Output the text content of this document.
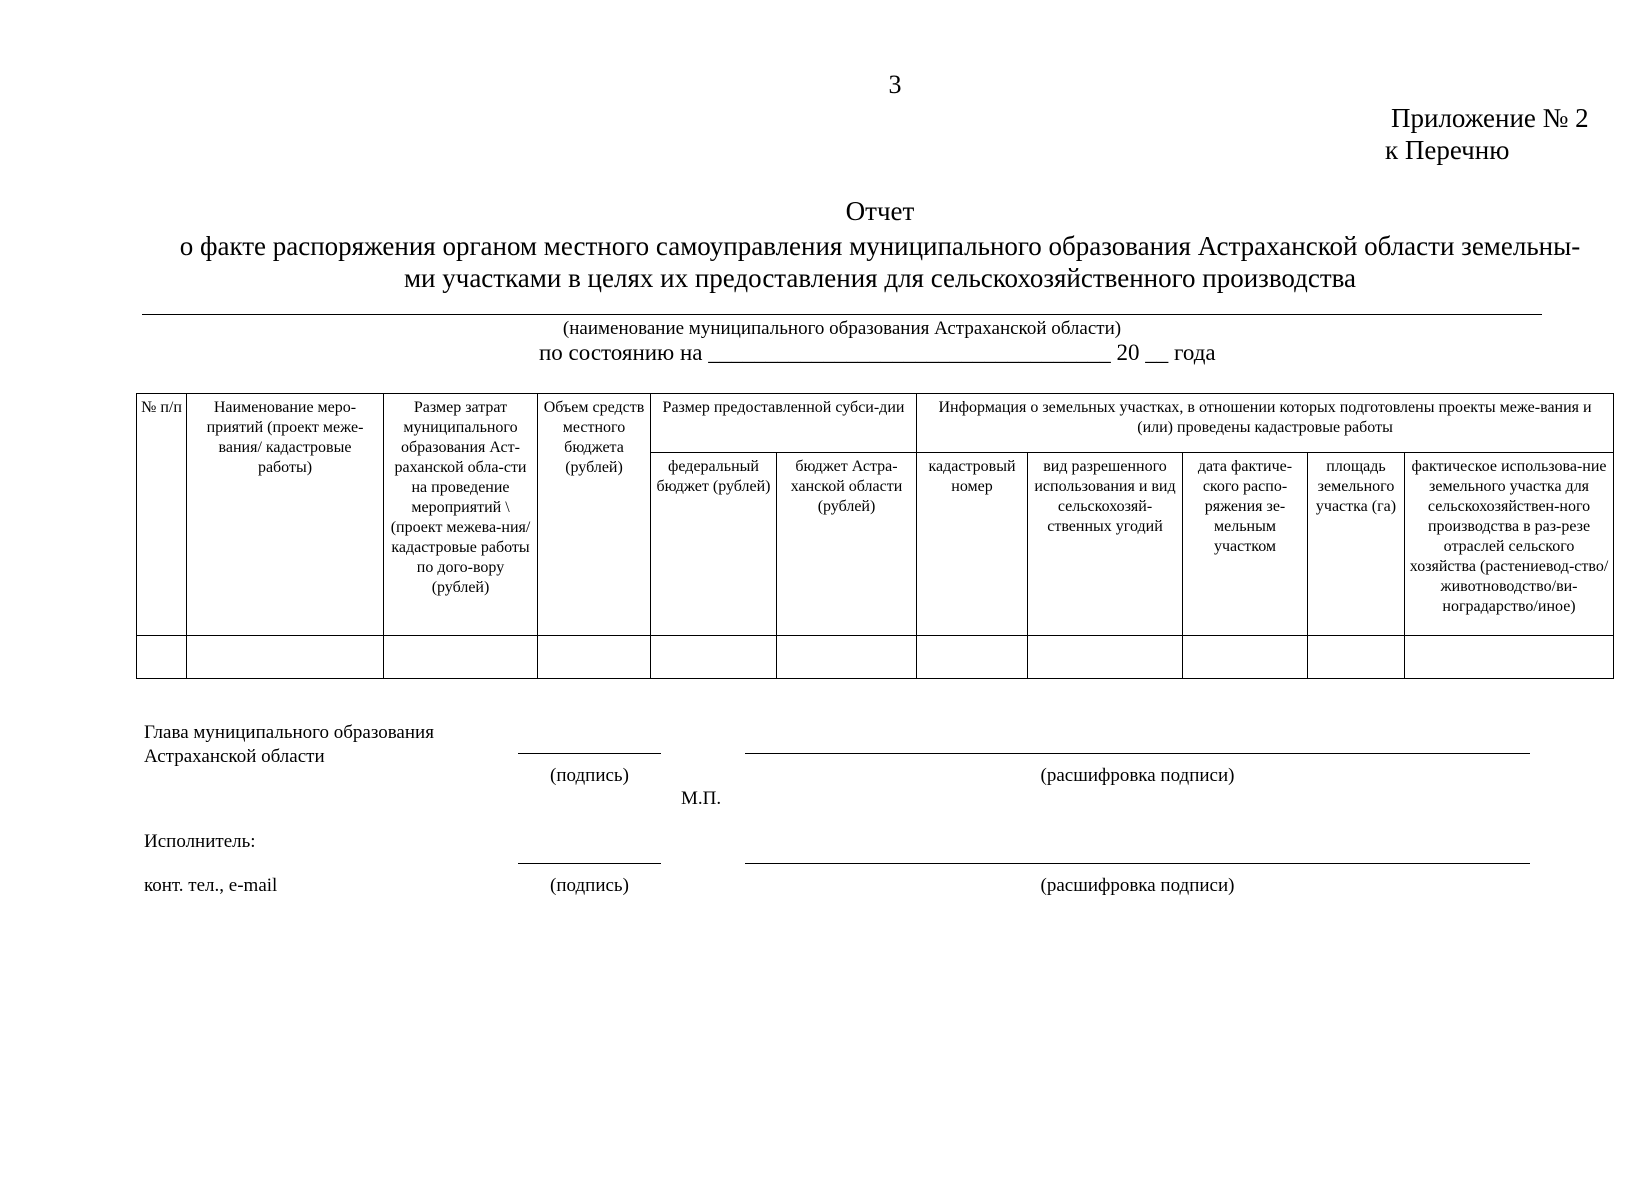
3
Приложение № 2
к Перечню
Отчет
о факте распоряжения органом местного самоуправления муниципального образования Астраханской области земельны-
ми участками в целях их предоставления для сельскохозяйственного производства
(наименование муниципального образования Астраханской области)
по состоянию на ___________________________________ 20 __ года
№ п/п	Наименование меро-приятий (проект меже-вания/ кадастровые работы)	Размер затрат муниципального образования Аст-раханской обла-сти на проведение мероприятий \ (проект межева-ния/кадастровые работы по дого-вору (рублей)	Объем средств местного бюджета (рублей)	Размер предоставленной субси-дии		Информация о земельных участках, в отношении которых подготовлены проекты меже-вания и (или) проведены кадастровые работы				
				федеральный бюджет (рублей)	бюджет Астра-ханской области (рублей)	кадастровый номер	вид разрешенного использования и вид сельскохозяй-ственных угодий	дата фактиче-ского распо-ряжения зе-мельным участком	площадь земельного участка (га)	фактическое использова-ние земельного участка для сельскохозяйствен-ного производства в раз-резе отраслей сельского хозяйства (растениевод-ство/животноводство/ви-ноградарство/иное)

Глава муниципального образования
Астраханской области
(подпись)	(расшифровка подписи)
М.П.
Исполнитель:
конт. тел., e-mail	(подпись)	(расшифровка подписи)
